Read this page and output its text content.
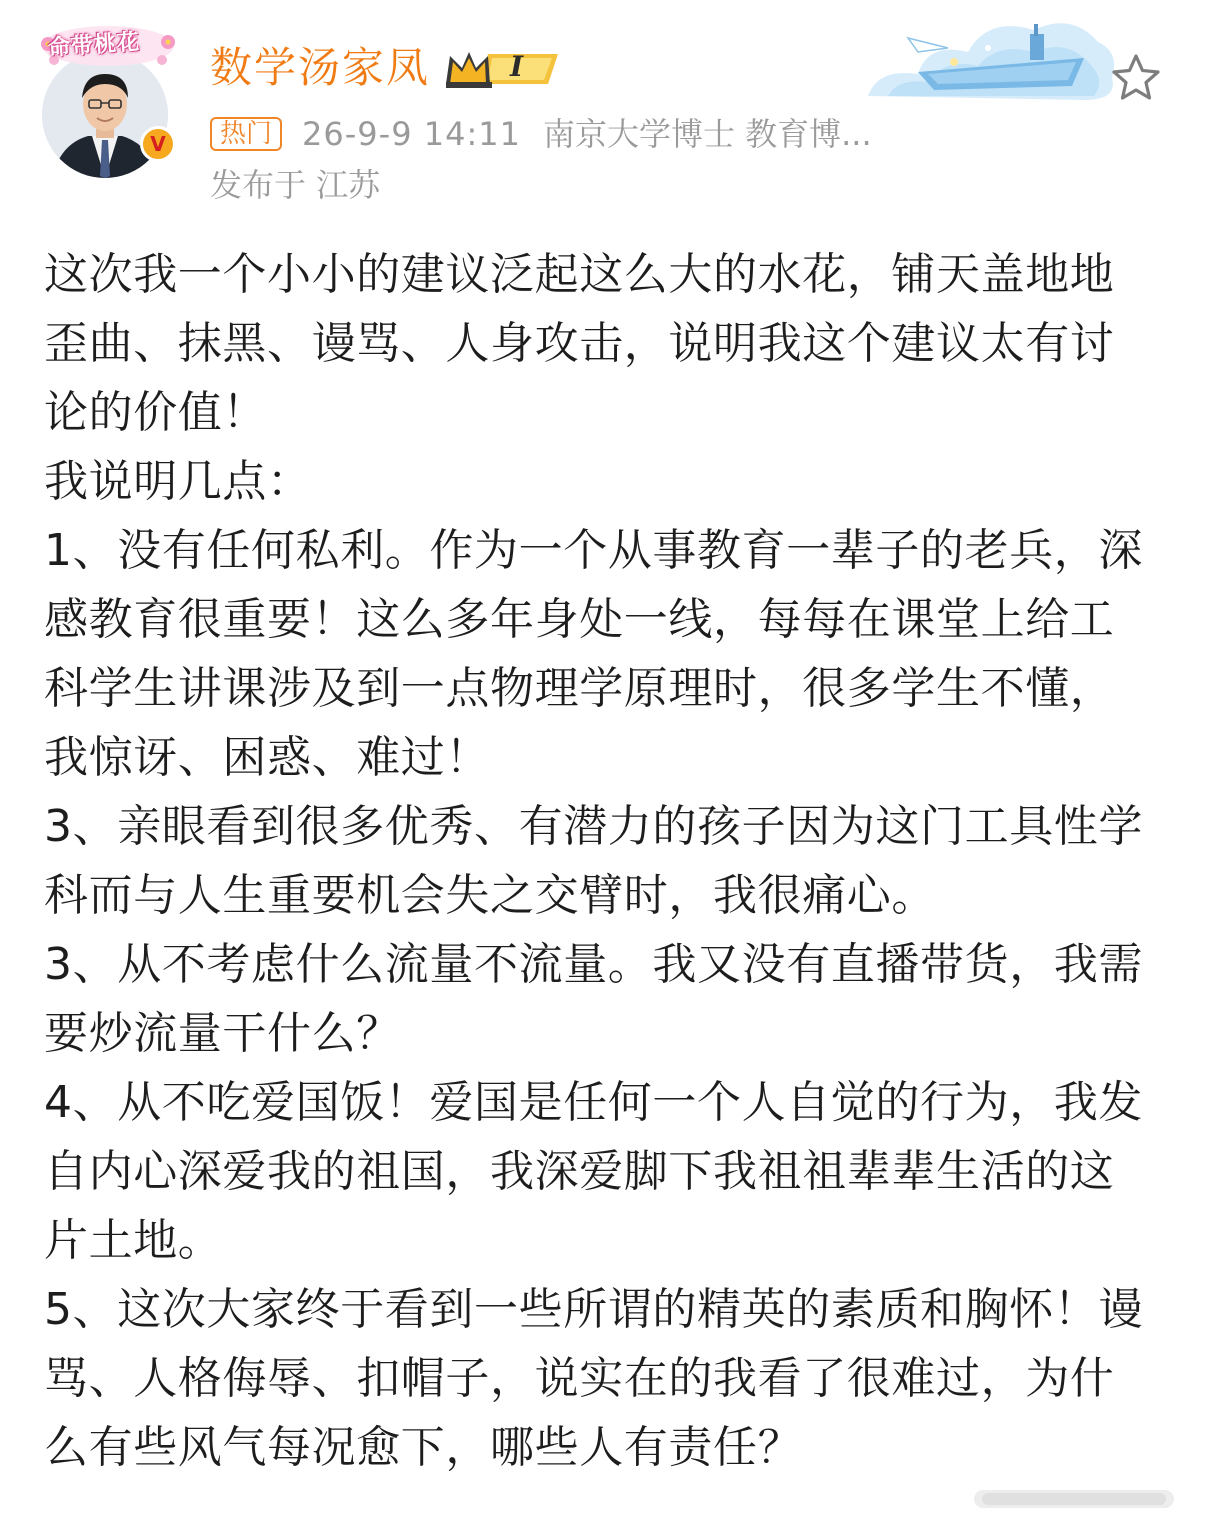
命带桃花
V
数学汤家凤	I
热门 26-9-9 14:11 南京大学博士 教育博...
发布于 江苏

这次我一个小小的建议泛起这么大的水花，铺天盖地地歪曲、抹黑、谩骂、人身攻击，说明我这个建议太有讨论的价值！

我说明几点：

1、没有任何私利。作为一个从事教育一辈子的老兵，深感教育很重要！这么多年身处一线，每每在课堂上给工科学生讲课涉及到一点物理学原理时，很多学生不懂，我惊讶、困惑、难过！

3、亲眼看到很多优秀、有潜力的孩子因为这门工具性学科而与人生重要机会失之交臂时，我很痛心。

3、从不考虑什么流量不流量。我又没有直播带货，我需要炒流量干什么？

4、从不吃爱国饭！爱国是任何一个人自觉的行为，我发自内心深爱我的祖国，我深爱脚下我祖祖辈辈生活的这片土地。

5、这次大家终于看到一些所谓的精英的素质和胸怀！谩骂、人格侮辱、扣帽子，说实在的我看了很难过，为什么有些风气每况愈下，哪些人有责任？
